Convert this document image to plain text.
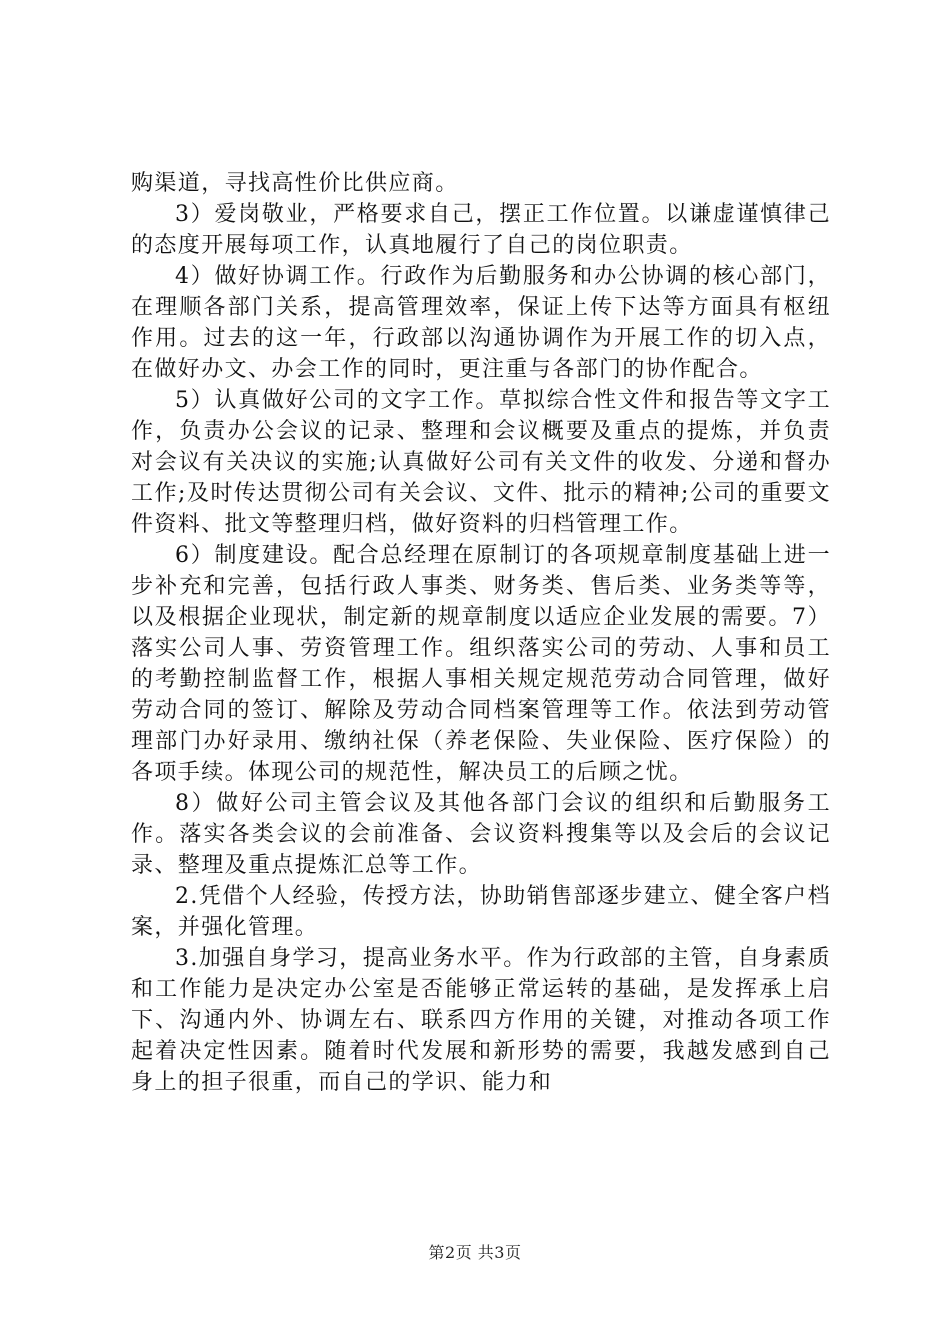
购渠道，寻找高性价比供应商。

3）爱岗敬业，严格要求自己，摆正工作位置。以谦虚谨慎律己的态度开展每项工作，认真地履行了自己的岗位职责。

4）做好协调工作。行政作为后勤服务和办公协调的核心部门，在理顺各部门关系，提高管理效率，保证上传下达等方面具有枢纽作用。过去的这一年，行政部以沟通协调作为开展工作的切入点，在做好办文、办会工作的同时，更注重与各部门的协作配合。

5）认真做好公司的文字工作。草拟综合性文件和报告等文字工作，负责办公会议的记录、整理和会议概要及重点的提炼，并负责对会议有关决议的实施;认真做好公司有关文件的收发、分递和督办工作;及时传达贯彻公司有关会议、文件、批示的精神;公司的重要文件资料、批文等整理归档，做好资料的归档管理工作。

6）制度建设。配合总经理在原制订的各项规章制度基础上进一步补充和完善，包括行政人事类、财务类、售后类、业务类等等，以及根据企业现状，制定新的规章制度以适应企业发展的需要。7）落实公司人事、劳资管理工作。组织落实公司的劳动、人事和员工的考勤控制监督工作，根据人事相关规定规范劳动合同管理，做好劳动合同的签订、解除及劳动合同档案管理等工作。依法到劳动管理部门办好录用、缴纳社保（养老保险、失业保险、医疗保险）的各项手续。体现公司的规范性，解决员工的后顾之忧。

8）做好公司主管会议及其他各部门会议的组织和后勤服务工作。落实各类会议的会前准备、会议资料搜集等以及会后的会议记录、整理及重点提炼汇总等工作。

2.凭借个人经验，传授方法，协助销售部逐步建立、健全客户档案，并强化管理。

3.加强自身学习，提高业务水平。作为行政部的主管，自身素质和工作能力是决定办公室是否能够正常运转的基础，是发挥承上启下、沟通内外、协调左右、联系四方作用的关键，对推动各项工作起着决定性因素。随着时代发展和新形势的需要，我越发感到自己身上的担子很重，而自己的学识、能力和

第2页 共3页
